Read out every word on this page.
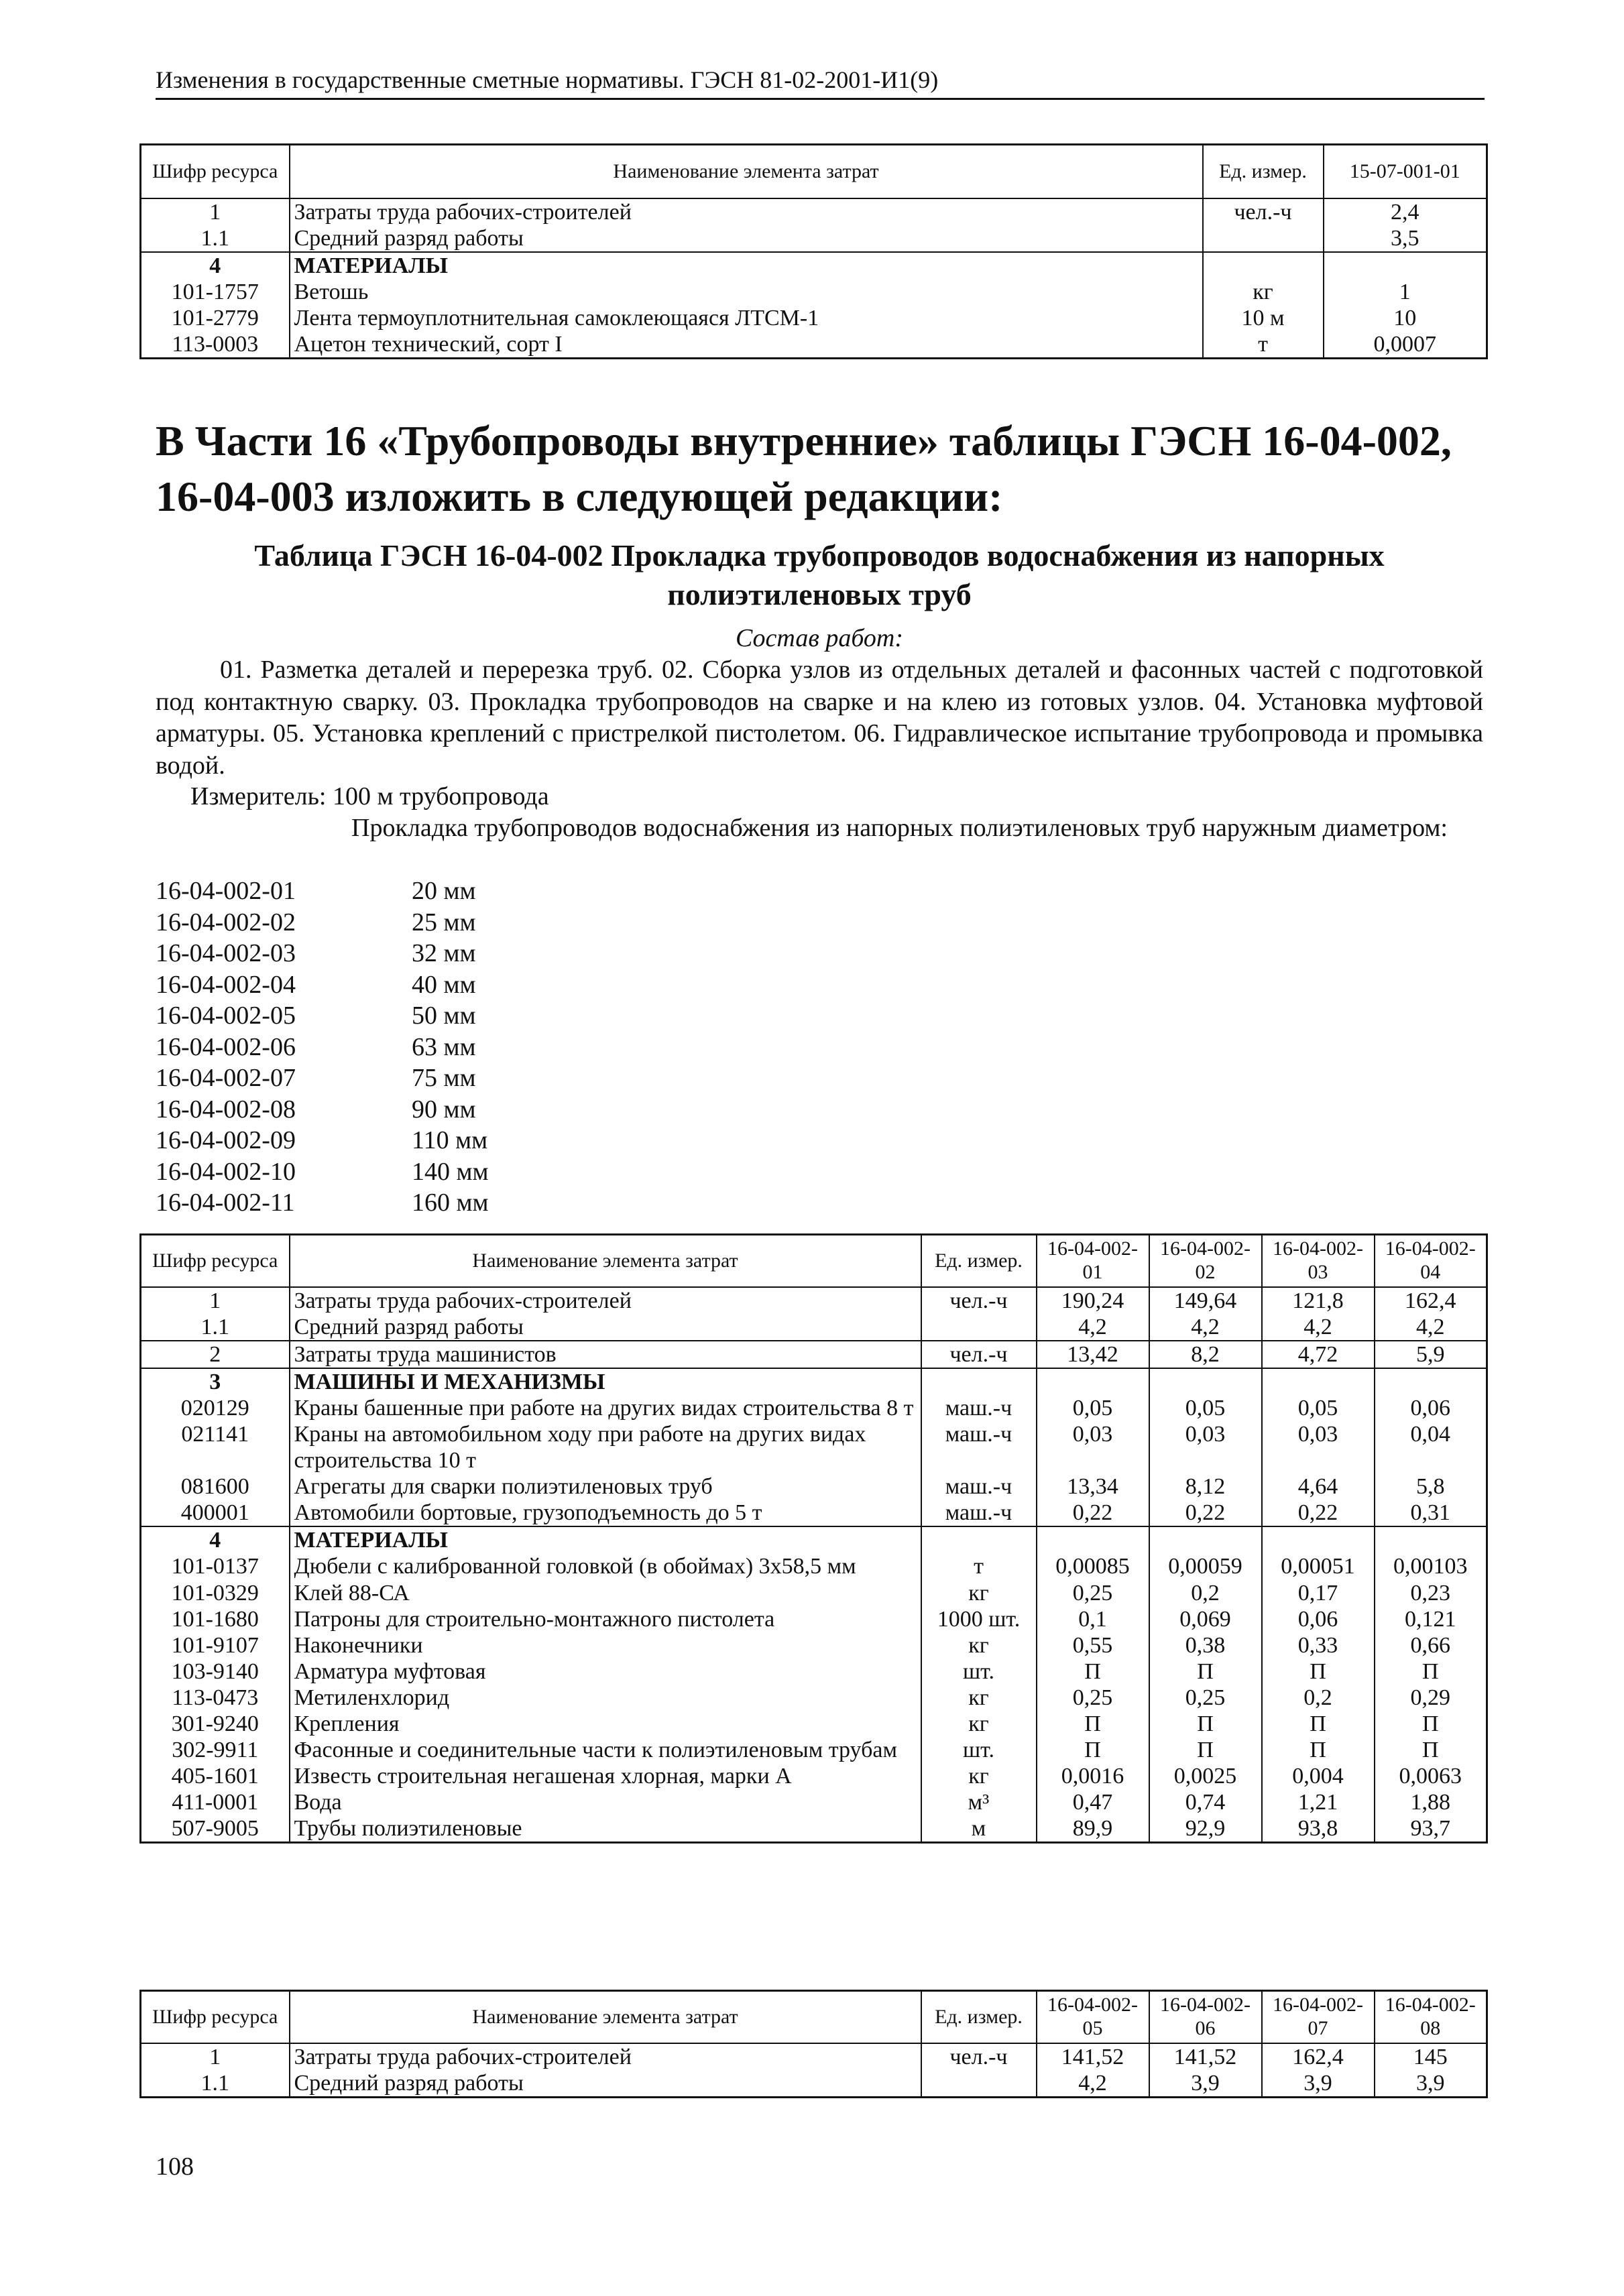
Изменения в государственные сметные нормативы. ГЭСН 81-02-2001-И1(9)
Шифр ресурса	Наименование элемента затрат	Ед. измер.	15-07-001-01
1	Затраты труда рабочих-строителей	чел.-ч	2,4
1.1	Средний разряд работы		3,5
4	МАТЕРИАЛЫ		
101-1757	Ветошь	кг	1
101-2779	Лента термоуплотнительная самоклеющаяся ЛТСМ-1	10 м	10
113-0003	Ацетон технический, сорт I	т	0,0007
В Части 16 «Трубопроводы внутренние» таблицы ГЭСН 16-04-002, 16-04-003 изложить в следующей редакции:
Таблица ГЭСН 16-04-002 Прокладка трубопроводов водоснабжения из напорных
полиэтиленовых труб
Состав работ:
01. Разметка деталей и перерезка труб. 02. Сборка узлов из отдельных деталей и фасонных частей с подготовкой под контактную сварку. 03. Прокладка трубопроводов на сварке и на клею из готовых узлов. 04. Установка муфтовой арматуры. 05. Установка креплений с пристрелкой пистолетом. 06. Гидравлическое испытание трубопровода и промывка водой.
Измеритель: 100 м трубопровода
Прокладка трубопроводов водоснабжения из напорных полиэтиленовых труб наружным диаметром:
16-04-002-01	20 мм
16-04-002-02	25 мм
16-04-002-03	32 мм
16-04-002-04	40 мм
16-04-002-05	50 мм
16-04-002-06	63 мм
16-04-002-07	75 мм
16-04-002-08	90 мм
16-04-002-09	110 мм
16-04-002-10	140 мм
16-04-002-11	160 мм
Шифр ресурса	Наименование элемента затрат	Ед. измер.	16-04-002-01	16-04-002-02	16-04-002-03	16-04-002-04
1	Затраты труда рабочих-строителей	чел.-ч	190,24	149,64	121,8	162,4
1.1	Средний разряд работы		4,2	4,2	4,2	4,2
2	Затраты труда машинистов	чел.-ч	13,42	8,2	4,72	5,9
3	МАШИНЫ И МЕХАНИЗМЫ					
020129	Краны башенные при работе на других видах строительства 8 т	маш.-ч	0,05	0,05	0,05	0,06
021141	Краны на автомобильном ходу при работе на других видах строительства 10 т	маш.-ч	0,03	0,03	0,03	0,04
081600	Агрегаты для сварки полиэтиленовых труб	маш.-ч	13,34	8,12	4,64	5,8
400001	Автомобили бортовые, грузоподъемность до 5 т	маш.-ч	0,22	0,22	0,22	0,31
4	МАТЕРИАЛЫ					
101-0137	Дюбели с калиброванной головкой (в обоймах) 3х58,5 мм	т	0,00085	0,00059	0,00051	0,00103
101-0329	Клей 88-СА	кг	0,25	0,2	0,17	0,23
101-1680	Патроны для строительно-монтажного пистолета	1000 шт.	0,1	0,069	0,06	0,121
101-9107	Наконечники	кг	0,55	0,38	0,33	0,66
103-9140	Арматура муфтовая	шт.	П	П	П	П
113-0473	Метиленхлорид	кг	0,25	0,25	0,2	0,29
301-9240	Крепления	кг	П	П	П	П
302-9911	Фасонные и соединительные части к полиэтиленовым трубам	шт.	П	П	П	П
405-1601	Известь строительная негашеная хлорная, марки А	кг	0,0016	0,0025	0,004	0,0063
411-0001	Вода	м³	0,47	0,74	1,21	1,88
507-9005	Трубы полиэтиленовые	м	89,9	92,9	93,8	93,7
Шифр ресурса	Наименование элемента затрат	Ед. измер.	16-04-002-05	16-04-002-06	16-04-002-07	16-04-002-08
1	Затраты труда рабочих-строителей	чел.-ч	141,52	141,52	162,4	145
1.1	Средний разряд работы		4,2	3,9	3,9	3,9
108
